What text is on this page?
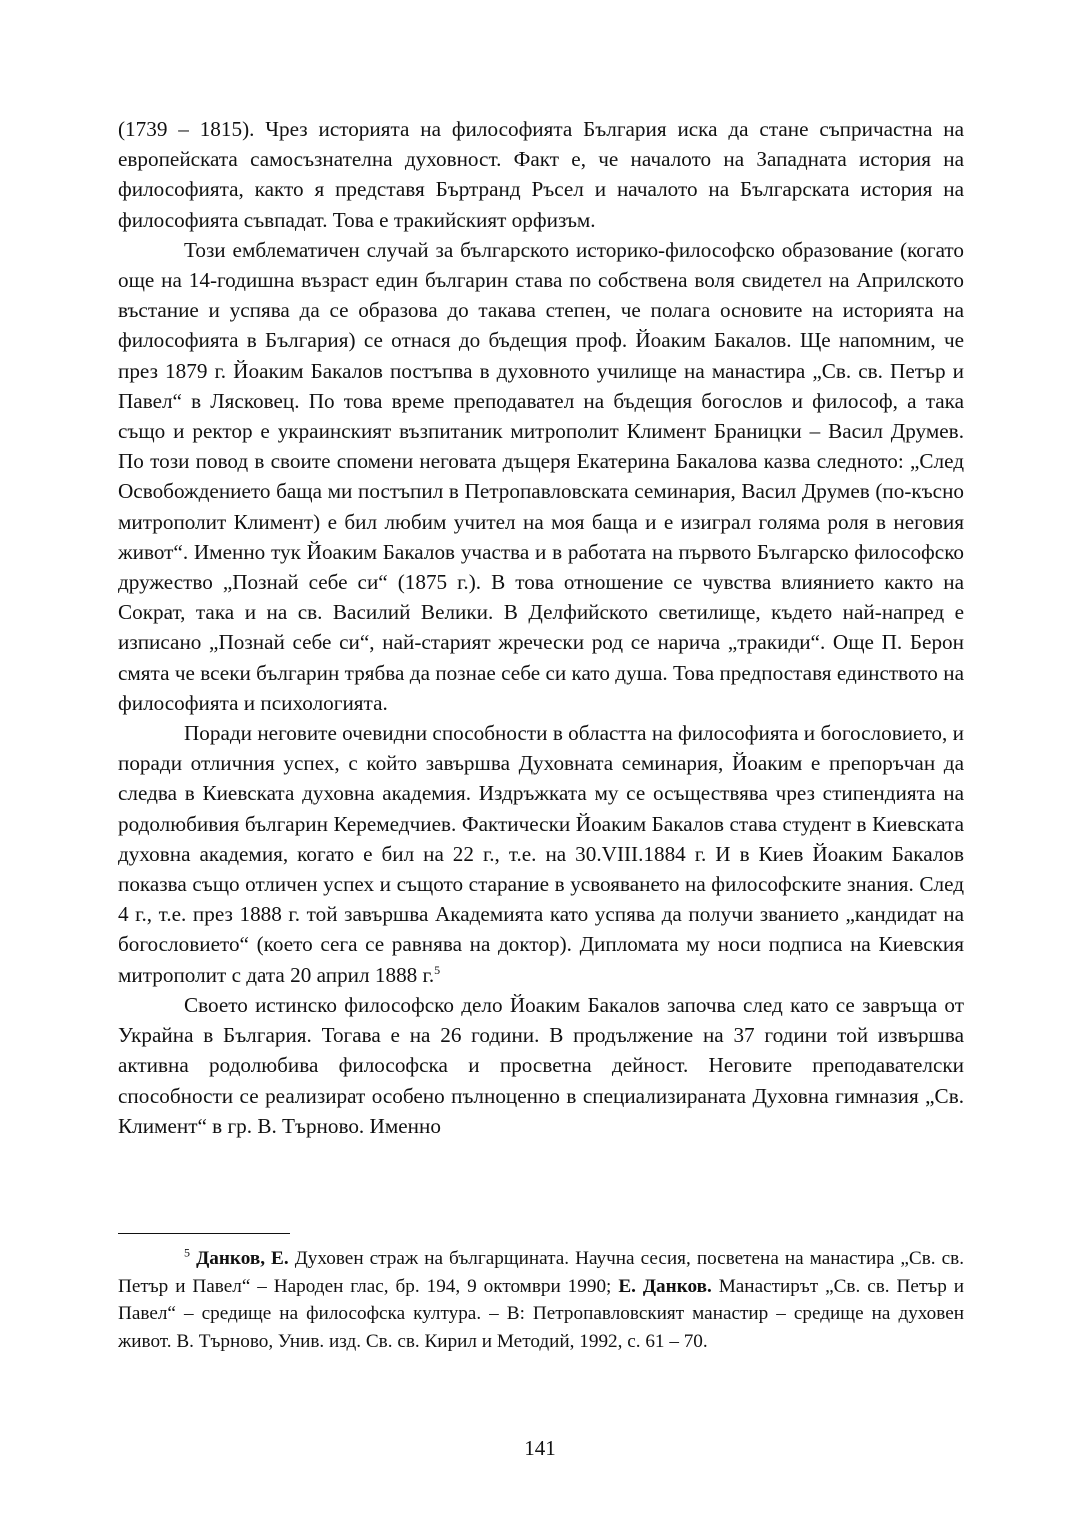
(1739 – 1815). Чрез историята на философията България иска да стане съпричастна на европейската самосъзнателна духовност. Факт е, че началото на Западната история на философията, както я представя Бъртранд Ръсел и началото на Българската история на философията съвпадат. Това е тракийският орфизъм.

Този емблематичен случай за българското историко-философско образование (когато още на 14-годишна възраст един българин става по собствена воля свидетел на Априлското въстание и успява да се образова до такава степен, че полага основите на историята на философията в България) се отнася до бъдещия проф. Йоаким Бакалов. Ще напомним, че през 1879 г. Йоаким Бакалов постъпва в духовното училище на манастира „Св. св. Петър и Павел“ в Лясковец. По това време преподавател на бъдещия богослов и философ, а така също и ректор е украинският възпитаник митрополит Климент Браницки – Васил Друмев. По този повод в своите спомени неговата дъщеря Екатерина Бакалова казва следното: „След Освобождението баща ми постъпил в Петропавловската семинария, Васил Друмев (по-късно митрополит Климент) е бил любим учител на моя баща и е изиграл голяма роля в неговия живот“. Именно тук Йоаким Бакалов участва и в работата на първото Българско философско дружество „Познай себе си“ (1875 г.). В това отношение се чувства влиянието както на Сократ, така и на св. Василий Велики. В Делфийското светилище, където най-напред е изписано „Познай себе си“, най-старият жречески род се нарича „тракиди“. Още П. Берон смята че всеки българин трябва да познае себе си като душа. Това предпоставя единството на философията и психологията.

Поради неговите очевидни способности в областта на философията и богословието, и поради отличния успех, с който завършва Духовната семинария, Йоаким е препоръчан да следва в Киевската духовна академия. Издръжката му се осъществява чрез стипендията на родолюбивия българин Керемедчиев. Фактически Йоаким Бакалов става студент в Киевската духовна академия, когато е бил на 22 г., т.е. на 30.VIII.1884 г. И в Киев Йоаким Бакалов показва също отличен успех и същото старание в усвояването на философските знания. След 4 г., т.е. през 1888 г. той завършва Академията като успява да получи званието „кандидат на богословието“ (което сега се равнява на доктор). Дипломата му носи подписа на Киевския митрополит с дата 20 април 1888 г.$^5$

Своето истинско философско дело Йоаким Бакалов започва след като се завръща от Украйна в България. Тогава е на 26 години. В продължение на 37 години той извършва активна родолюбива философска и просветна дейност. Неговите преподавателски способности се реализират особено пълноценно в специализираната Духовна гимназия „Св. Климент“ в гр. В. Търново. Именно

$^5$ Данков, Е. Духовен страж на българщината. Научна сесия, посветена на манастира „Св. св. Петър и Павел“ – Народен глас, бр. 194, 9 октомври 1990; Е. Данков. Манастирът „Св. св. Петър и Павел“ – средище на философска култура. – В: Петропавловският манастир – средище на духовен живот. В. Търново, Унив. изд. Св. св. Кирил и Методий, 1992, с. 61 – 70.

141
